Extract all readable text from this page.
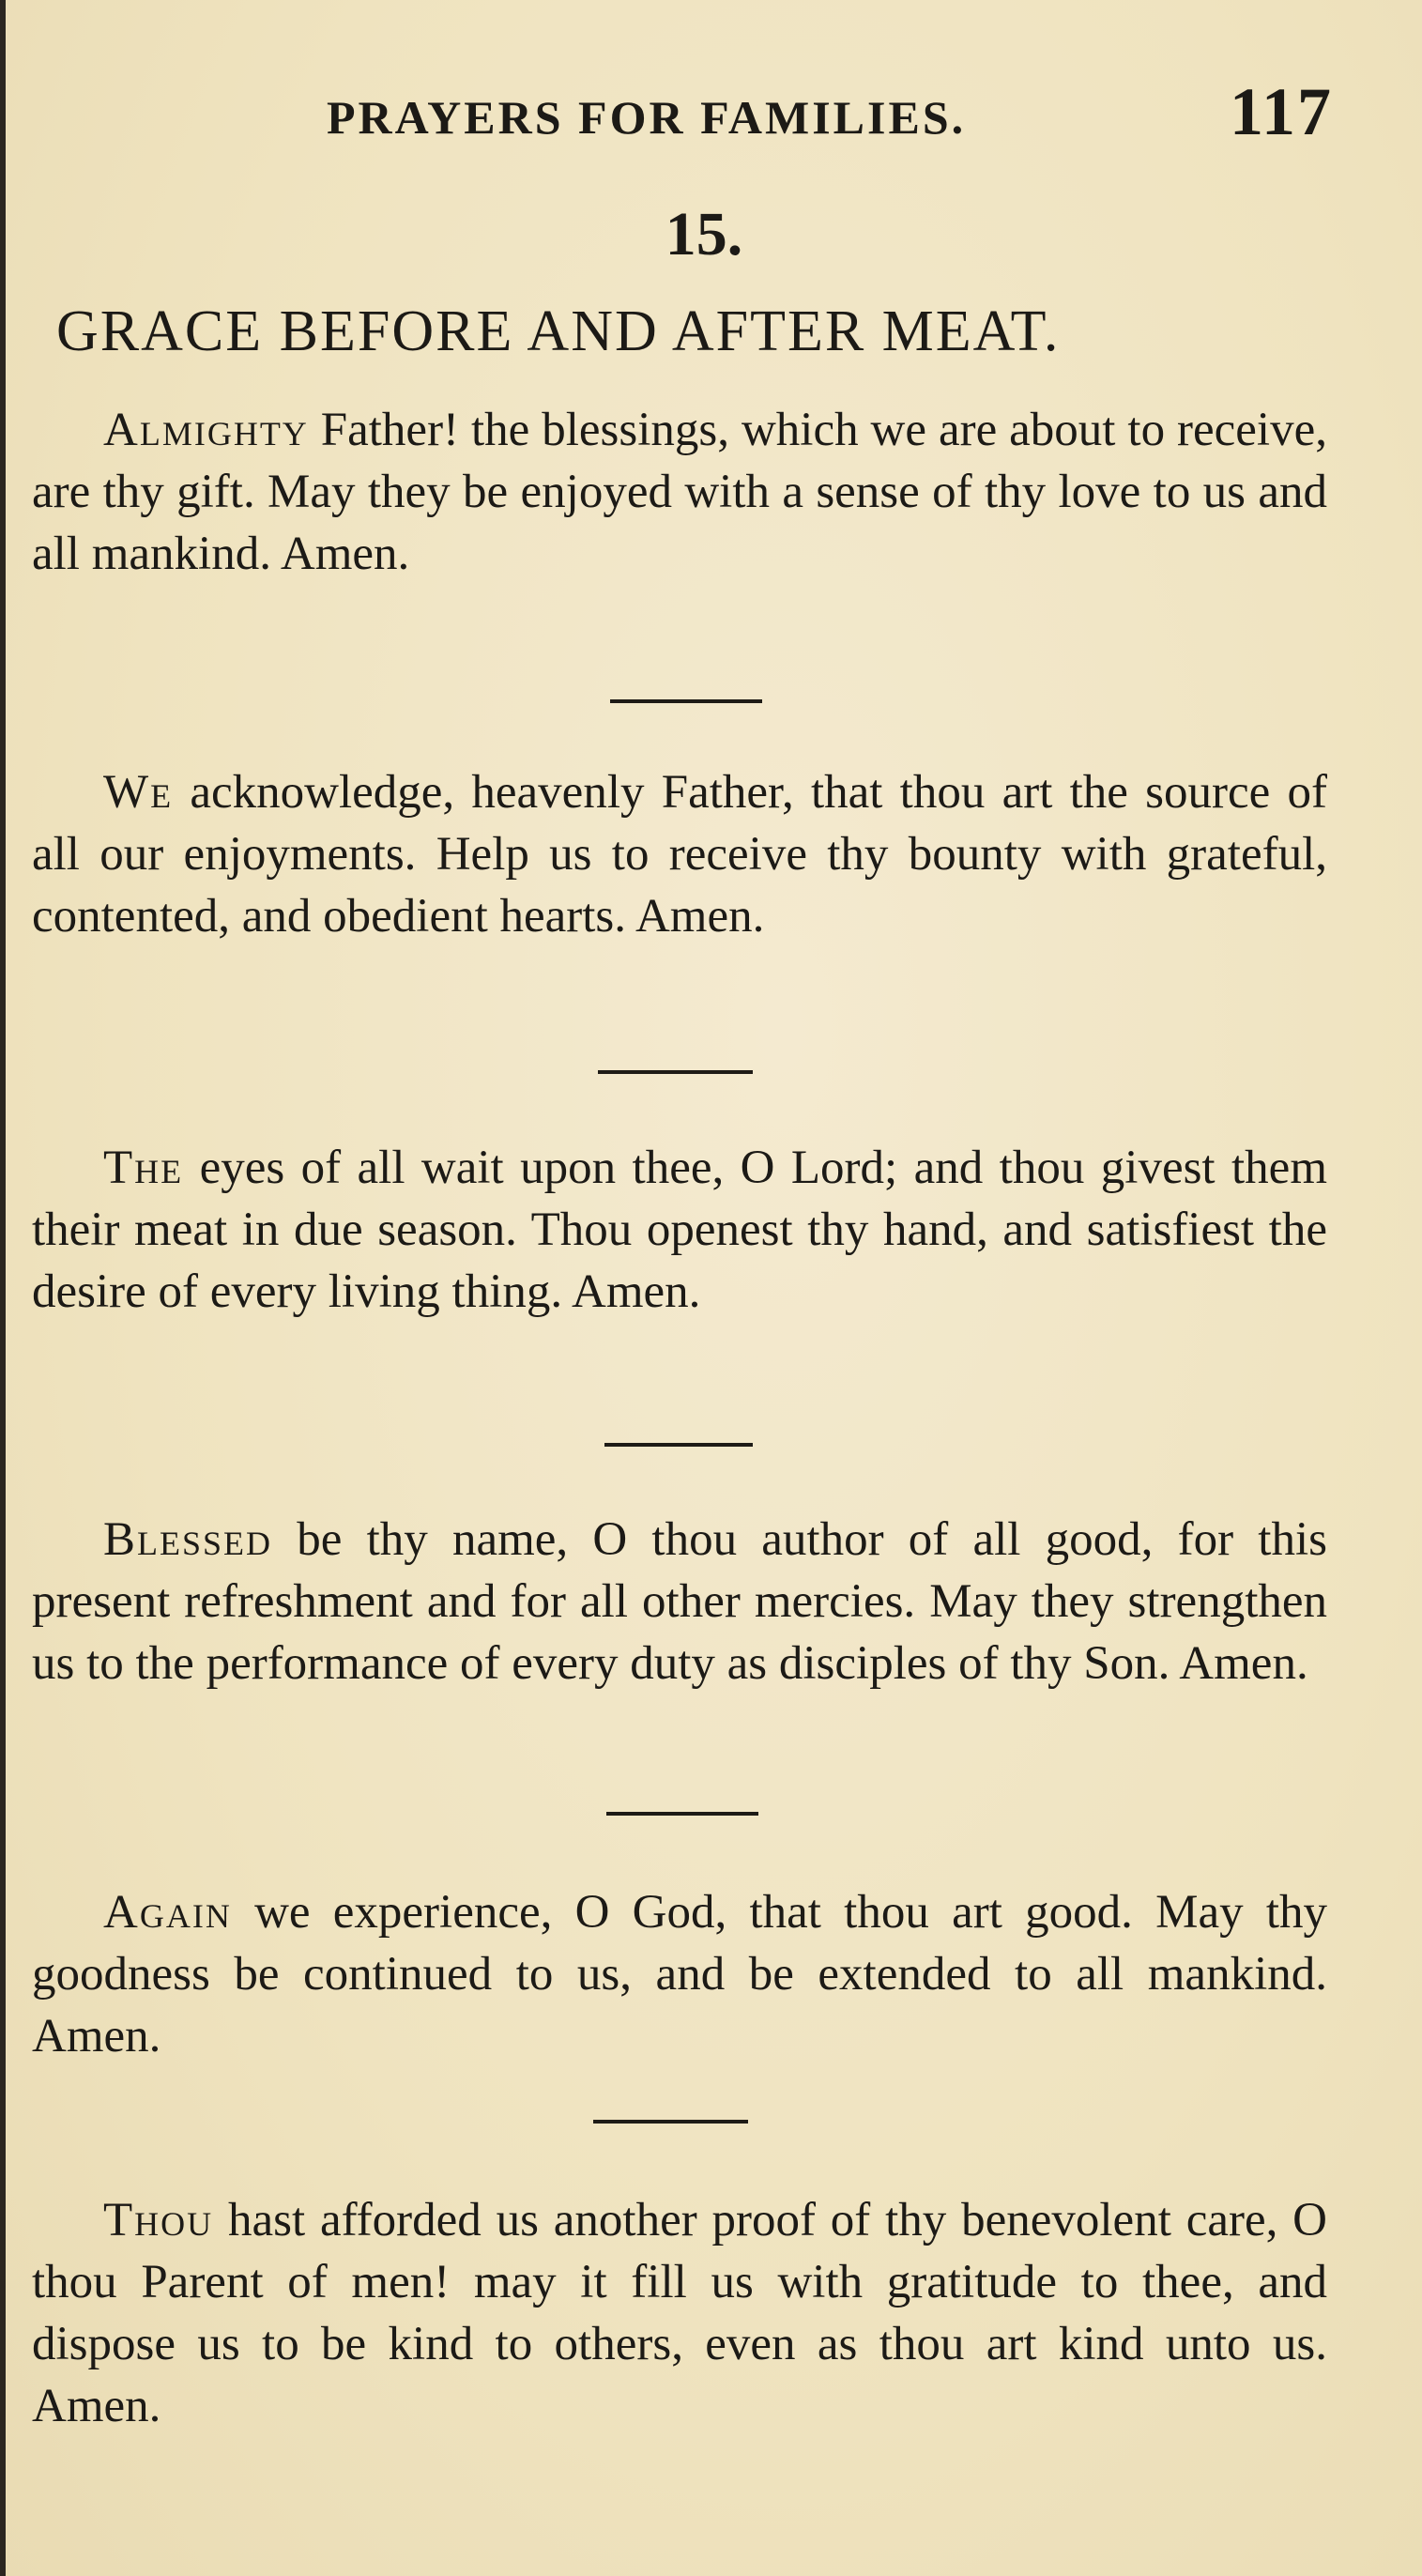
PRAYERS FOR FAMILIES.	117
15.
GRACE BEFORE AND AFTER MEAT.

Almighty Father! the blessings, which we are about to receive, are thy gift. May they be enjoyed with a sense of thy love to us and all mankind. Amen.

We acknowledge, heavenly Father, that thou art the source of all our enjoyments. Help us to receive thy bounty with grateful, contented, and obedient hearts. Amen.

The eyes of all wait upon thee, O Lord; and thou givest them their meat in due season. Thou openest thy hand, and satisfiest the desire of every living thing. Amen.

Blessed be thy name, O thou author of all good, for this present refreshment and for all other mercies. May they strengthen us to the performance of every duty as disciples of thy Son. Amen.

Again we experience, O God, that thou art good. May thy goodness be continued to us, and be extended to all mankind. Amen.

Thou hast afforded us another proof of thy benevolent care, O thou Parent of men! may it fill us with gratitude to thee, and dispose us to be kind to others, even as thou art kind unto us. Amen.
